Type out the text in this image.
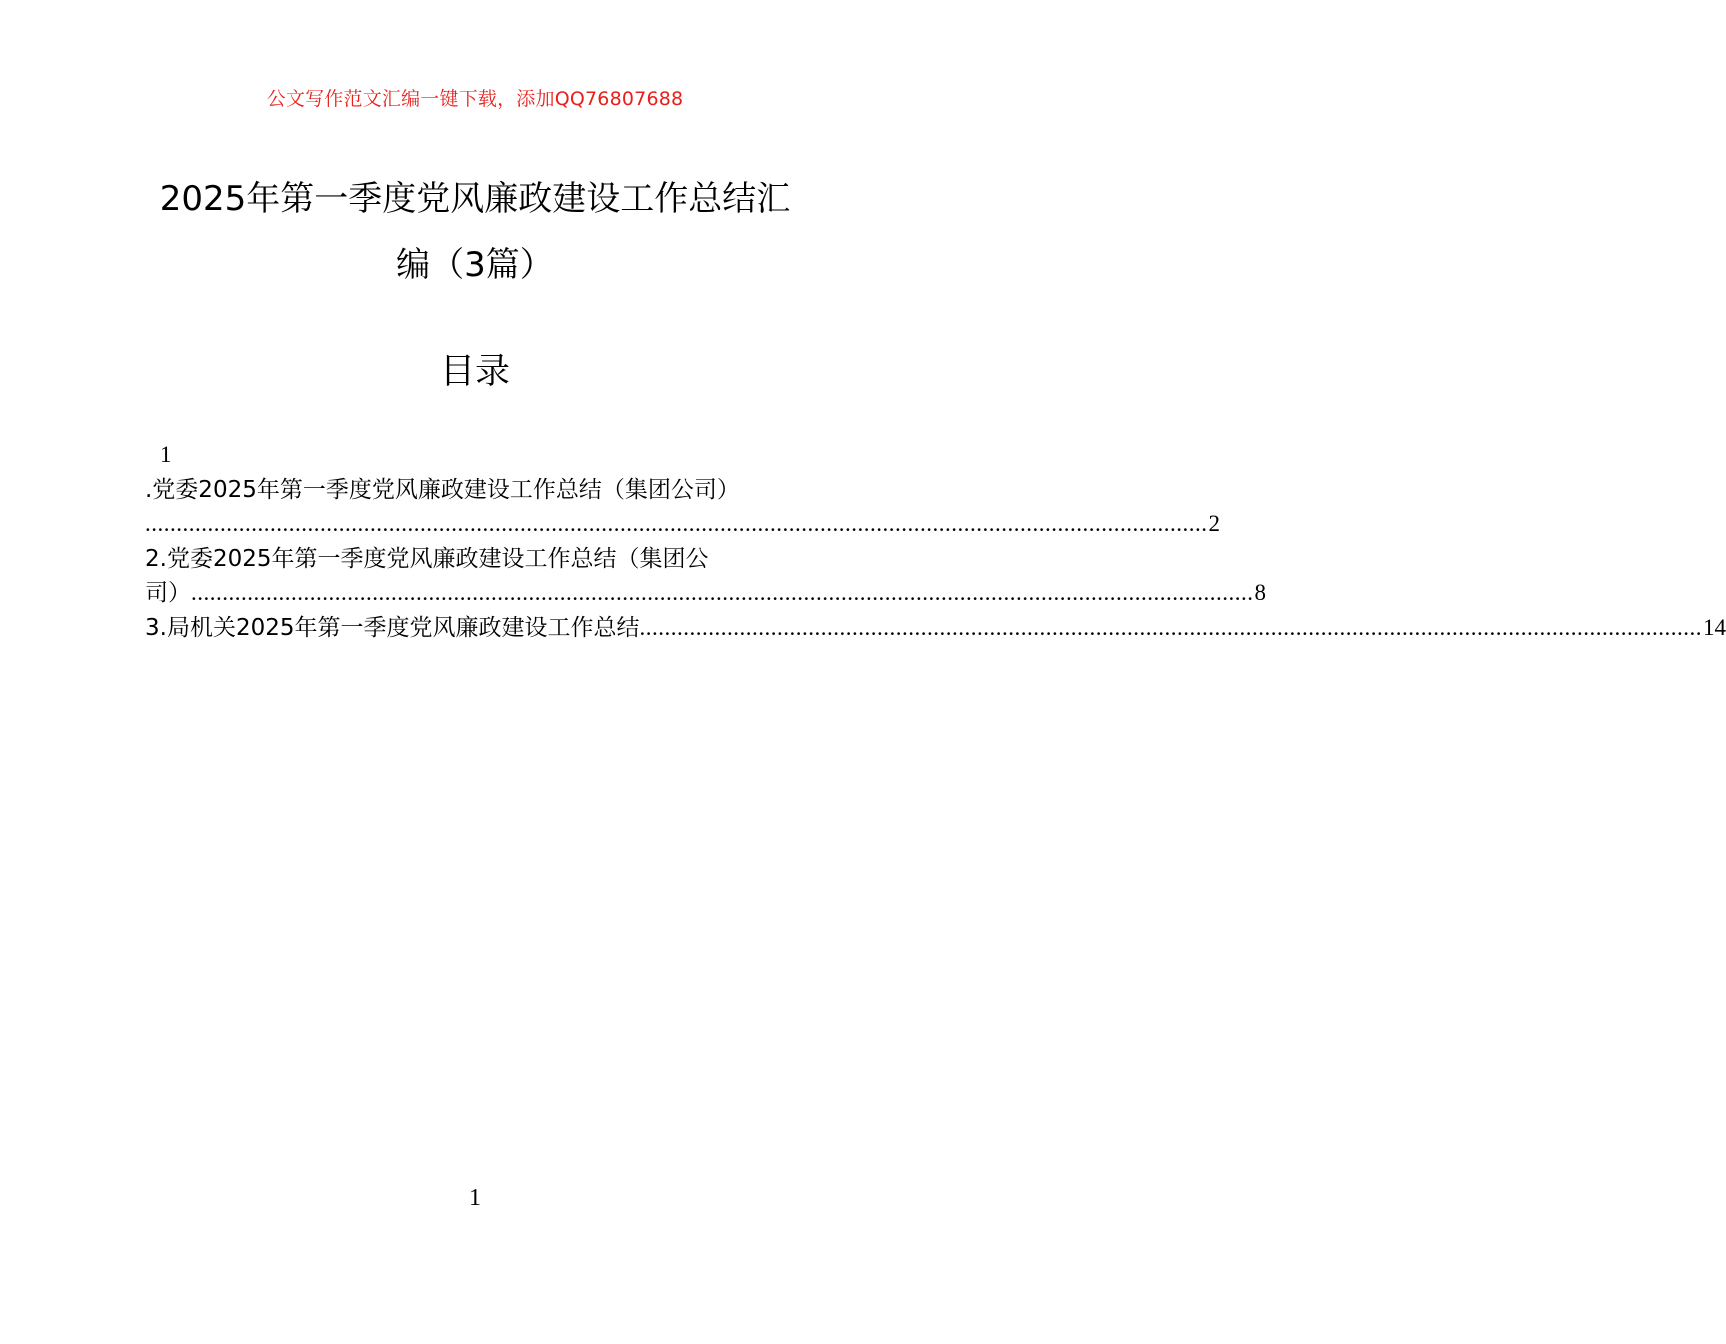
公文写作范文汇编一键下载，添加QQ76807688
2025年第一季度党风廉政建设工作总结汇
编（3篇）
目录
1
.党委2025年第一季度党风廉政建设工作总结（集团公司）
.......................................................................................................................................................................... 2
2.党委2025年第一季度党风廉政建设工作总结（集团公
司） .......................................................................................................................................................................... 8
3.局机关2025年第一季度党风廉政建设工作总结 .......................................................................................................................................................................... 14
1
